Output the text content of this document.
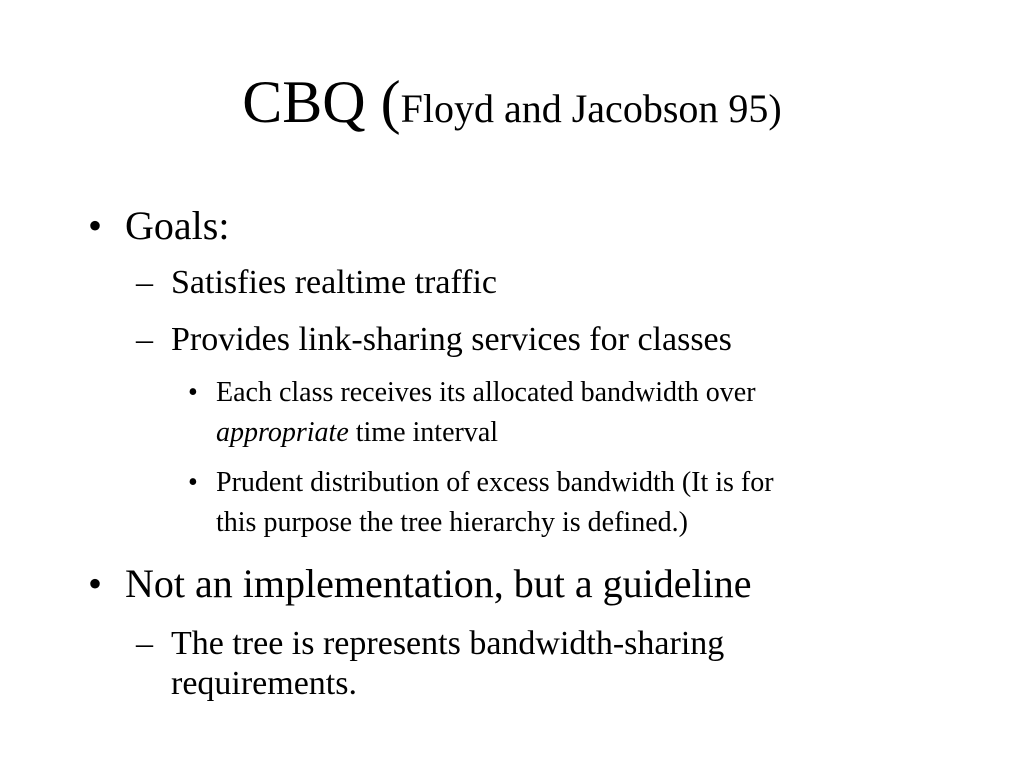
CBQ (Floyd and Jacobson 95)
• Goals:
– Satisfies realtime traffic
– Provides link-sharing services for classes
• Each class receives its allocated bandwidth over
appropriate time interval
• Prudent distribution of excess bandwidth (It is for
this purpose the tree hierarchy is defined.)
• Not an implementation, but a guideline
– The tree is represents bandwidth-sharing
requirements.
